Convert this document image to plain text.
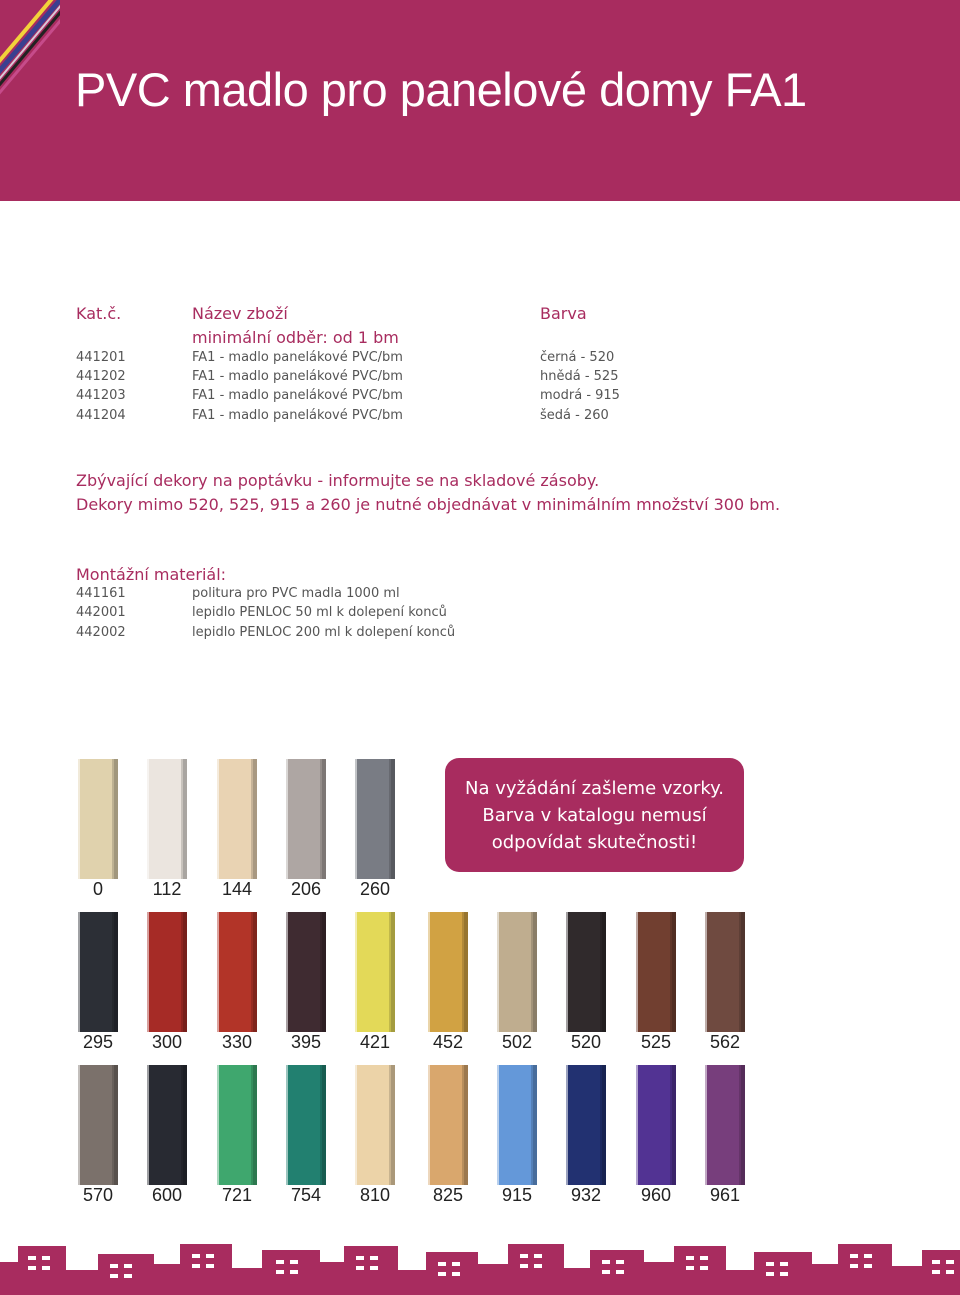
PVC madlo pro panelové domy FA1
Kat.č.	Název zboží	Barva
minimální odběr: od 1 bm
441201	FA1 - madlo panelákové PVC/bm	černá - 520
441202	FA1 - madlo panelákové PVC/bm	hnědá - 525
441203	FA1 - madlo panelákové PVC/bm	modrá - 915
441204	FA1 - madlo panelákové PVC/bm	šedá - 260
Zbývající dekory na poptávku - informujte se na skladové zásoby.
Dekory mimo 520, 525, 915 a 260 je nutné objednávat v minimálním množství 300 bm.
Montážní materiál:
441161	politura pro PVC madla 1000 ml
442001	lepidlo PENLOC 50 ml k dolepení konců
442002	lepidlo PENLOC 200 ml k dolepení konců
Na vyžádání zašleme vzorky.
Barva v katalogu nemusí
odpovídat skutečnosti!
0	112	144	206	260
295	300	330	395	421	452	502	520	525	562
570	600	721	754	810	825	915	932	960	961
